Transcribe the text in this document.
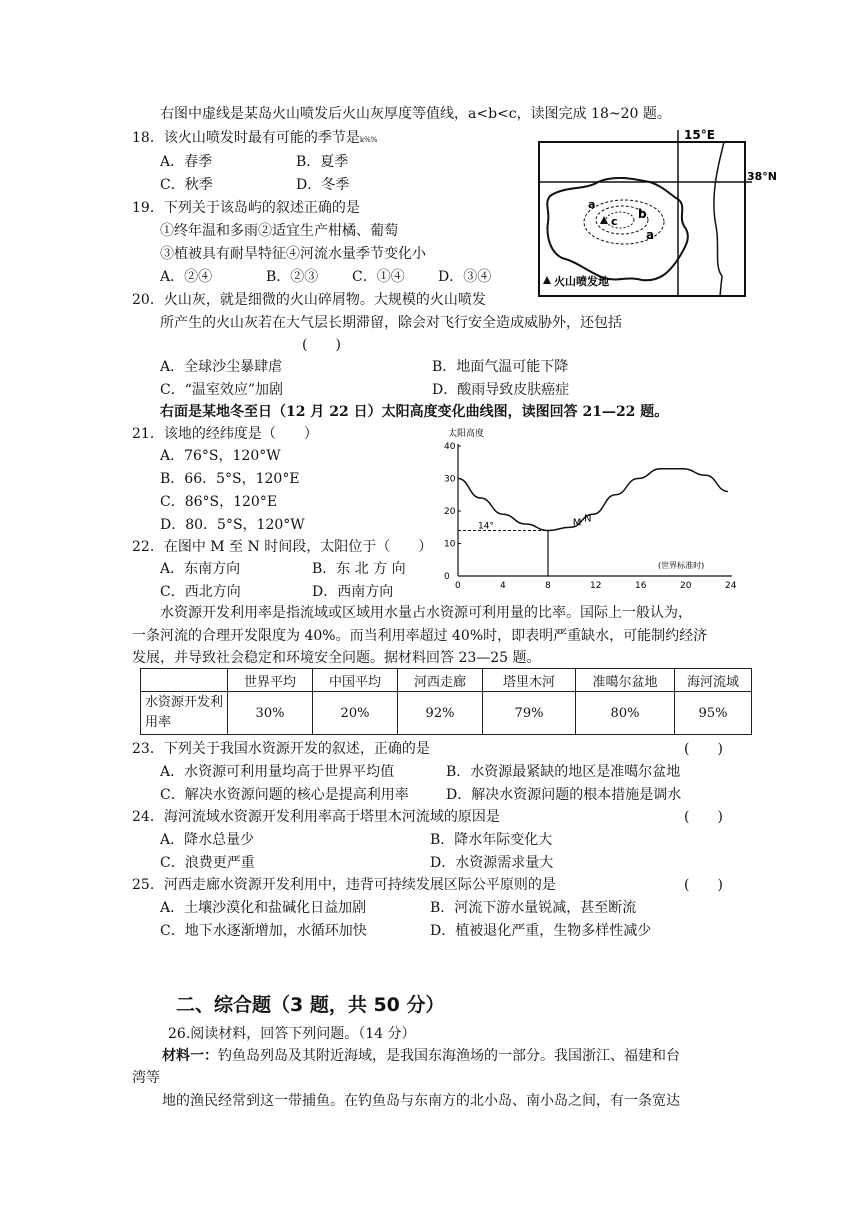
右图中虚线是某岛火山喷发后火山灰厚度等值线，a<b<c，读图完成 18~20 题。
18．该火山喷发时最有可能的季节是k%%
A．春季	B．夏季
C．秋季	D．冬季
19．下列关于该岛屿的叙述正确的是
①终年温和多雨②适宜生产柑橘、葡萄
③植被具有耐旱特征④河流水量季节变化小
A．②④	B．②③ C．①④ D．③④
15°E
38°N
c
b
a
a
火山喷发地
20．火山灰，就是细微的火山碎屑物。大规模的火山喷发
所产生的火山灰若在大气层长期滞留，除会对飞行安全造成威胁外，还包括
(　　)
A．全球沙尘暴肆虐	B．地面气温可能下降
C．“温室效应”加剧	D．酸雨导致皮肤癌症
右面是某地冬至日（12 月 22 日）太阳高度变化曲线图，读图回答 21—22 题。
21．该地的经纬度是（　　）
A．76°S，120°W
B．66．5°S，120°E
C．86°S，120°E
D．80．5°S，120°W
22．在图中 M 至 N 时间段，太阳位于（　　）
A．东南方向	B．东 北 方 向
C．西北方向	D．西南方向
太阳高度
(世界标准时)
0
10
20
30
40
0	4	8	12	16	20	24
14°	M N
水资源开发利用率是指流域或区域用水量占水资源可利用量的比率。国际上一般认为，
一条河流的合理开发限度为 40%。而当利用率超过 40%时，即表明严重缺水，可能制约经济
发展，并导致社会稳定和环境安全问题。据材料回答 23—25 题。
	世界平均	中国平均	河西走廊	塔里木河	准噶尔盆地	海河流域
水资源开发利用率	30%	20%	92%	79%	80%	95%
23．下列关于我国水资源开发的叙述，正确的是	(　　)
A．水资源可利用量均高于世界平均值	B．水资源最紧缺的地区是准噶尔盆地
C．解决水资源问题的核心是提高利用率	D．解决水资源问题的根本措施是调水
24．海河流域水资源开发利用率高于塔里木河流域的原因是	(　　)
A．降水总量少	B．降水年际变化大
C．浪费更严重	D．水资源需求量大
25．河西走廊水资源开发利用中，违背可持续发展区际公平原则的是	(　　)
A．土壤沙漠化和盐碱化日益加剧	B．河流下游水量锐减，甚至断流
C．地下水逐渐增加，水循环加快	D．植被退化严重，生物多样性减少
二、综合题（3 题，共 50 分）
26.阅读材料，回答下列问题。（14 分）
材料一：钓鱼岛列岛及其附近海域，是我国东海渔场的一部分。我国浙江、福建和台
湾等
地的渔民经常到这一带捕鱼。在钓鱼岛与东南方的北小岛、南小岛之间，有一条宽达
